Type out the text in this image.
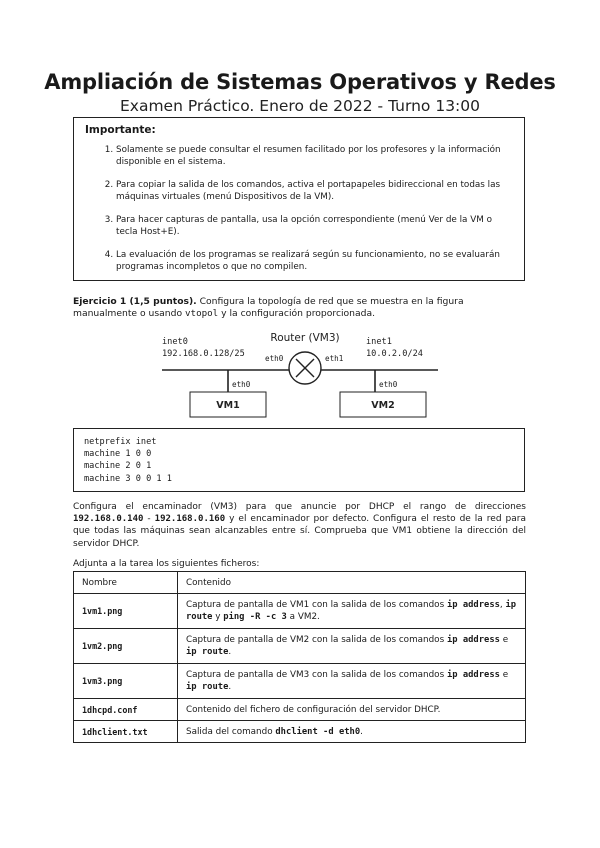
Ampliación de Sistemas Operativos y Redes
Examen Práctico. Enero de 2022 - Turno 13:00
Importante:
1. Solamente se puede consultar el resumen facilitado por los profesores y la información disponible en el sistema.
2. Para copiar la salida de los comandos, activa el portapapeles bidireccional en todas las máquinas virtuales (menú Dispositivos de la VM).
3. Para hacer capturas de pantalla, usa la opción correspondiente (menú Ver de la VM o tecla Host+E).
4. La evaluación de los programas se realizará según su funcionamiento, no se evaluarán programas incompletos o que no compilen.
Ejercicio 1 (1,5 puntos). Configura la topología de red que se muestra en la figura manualmente o usando vtopol y la configuración proporcionada.
Router (VM3)
inet0
192.168.0.128/25
inet1
10.0.2.0/24
eth0	eth1
eth0	eth0
VM1	VM2
netprefix inet
machine 1 0 0
machine 2 0 1
machine 3 0 0 1 1
Configura el encaminador (VM3) para que anuncie por DHCP el rango de direcciones 192.168.0.140 - 192.168.0.160 y el encaminador por defecto. Configura el resto de la red para que todas las máquinas sean alcanzables entre sí. Comprueba que VM1 obtiene la dirección del servidor DHCP.
Adjunta a la tarea los siguientes ficheros:
Nombre	Contenido
1vm1.png	Captura de pantalla de VM1 con la salida de los comandos ip address, ip route y ping -R -c 3 a VM2.
1vm2.png	Captura de pantalla de VM2 con la salida de los comandos ip address e ip route.
1vm3.png	Captura de pantalla de VM3 con la salida de los comandos ip address e ip route.
1dhcpd.conf	Contenido del fichero de configuración del servidor DHCP.
1dhclient.txt	Salida del comando dhclient -d eth0.
